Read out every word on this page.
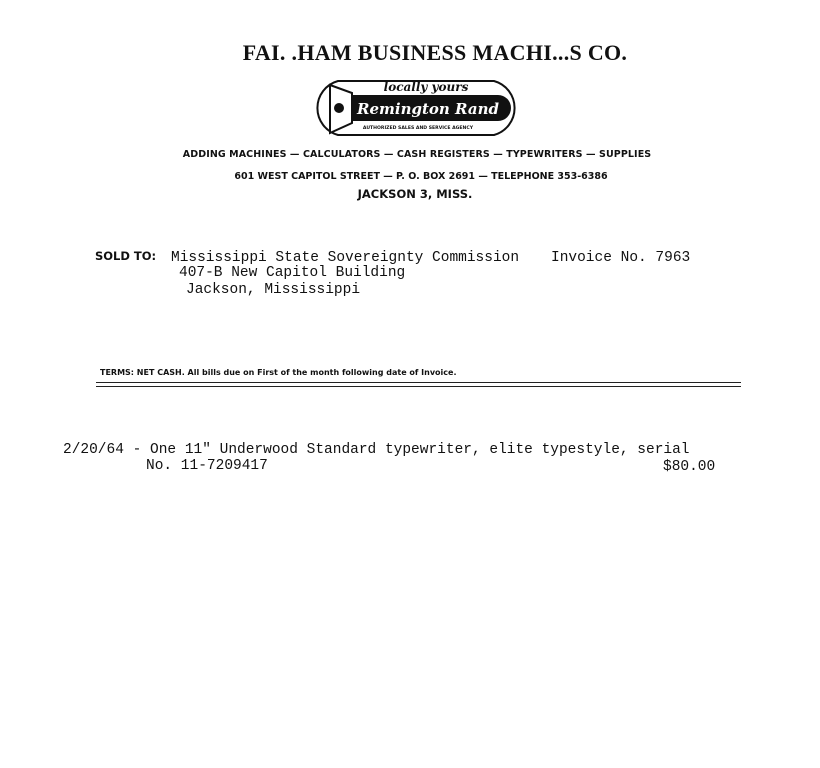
FAI. .HAM BUSINESS MACHI...S CO.
locally yours
Remington Rand
AUTHORIZED SALES AND SERVICE AGENCY
ADDING MACHINES — CALCULATORS — CASH REGISTERS — TYPEWRITERS — SUPPLIES
601 WEST CAPITOL STREET — P. O. BOX 2691 — TELEPHONE 353-6386
JACKSON 3, MISS.
SOLD TO: Mississippi State Sovereignty Commission
407-B New Capitol Building
Jackson, Mississippi
Invoice No. 7963
TERMS: NET CASH. All bills due on First of the month following date of Invoice.
2/20/64 - One 11" Underwood Standard typewriter, elite typestyle, serial
No. 11-7209417	$80.00
